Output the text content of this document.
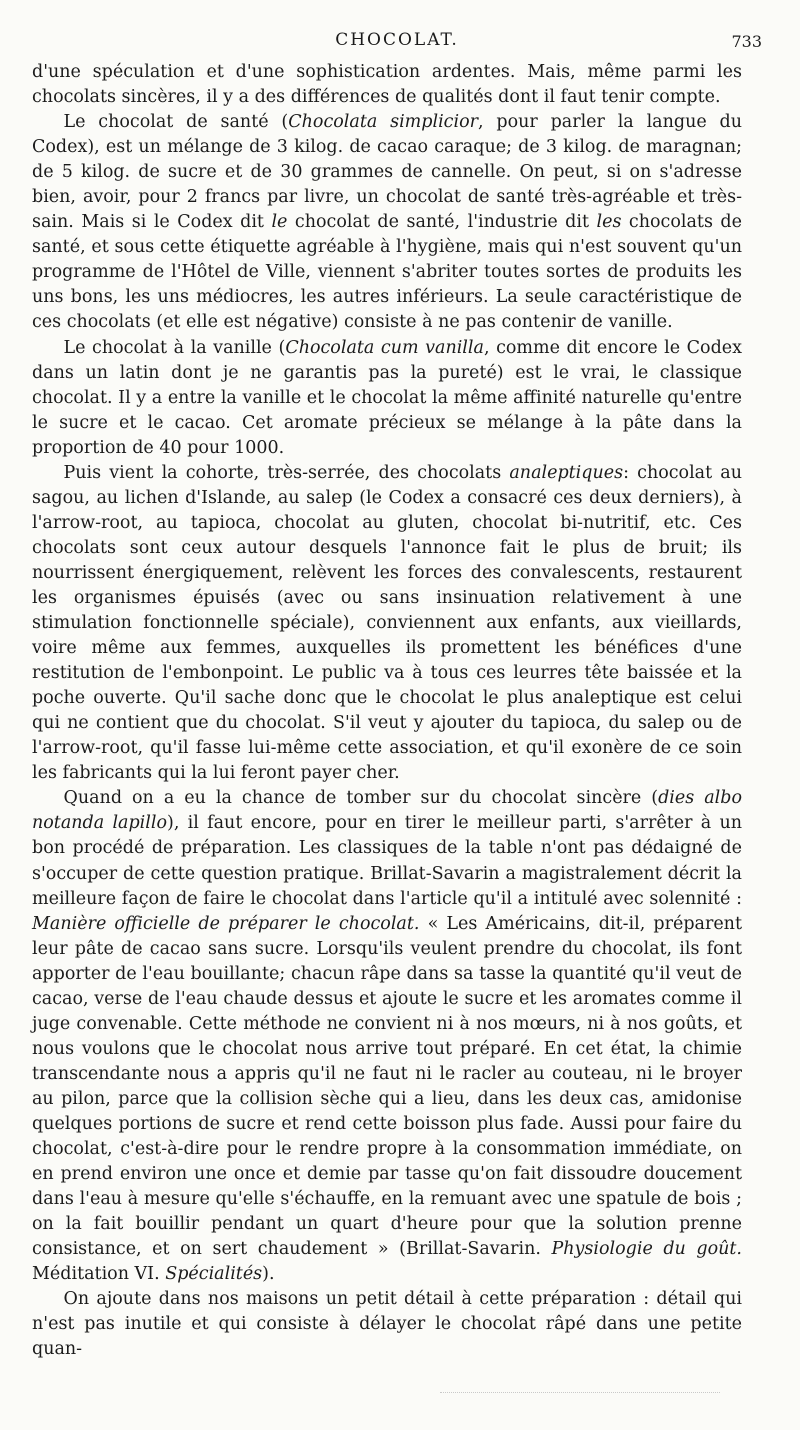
CHOCOLAT.	733

d'une spéculation et d'une sophistication ardentes. Mais, même parmi les chocolats sincères, il y a des différences de qualités dont il faut tenir compte.

Le chocolat de santé (Chocolata simplicior, pour parler la langue du Codex), est un mélange de 3 kilog. de cacao caraque; de 3 kilog. de maragnan; de 5 kilog. de sucre et de 30 grammes de cannelle. On peut, si on s'adresse bien, avoir, pour 2 francs par livre, un chocolat de santé très-agréable et très-sain. Mais si le Codex dit le chocolat de santé, l'industrie dit les chocolats de santé, et sous cette étiquette agréable à l'hygiène, mais qui n'est souvent qu'un programme de l'Hôtel de Ville, viennent s'abriter toutes sortes de produits les uns bons, les uns médiocres, les autres inférieurs. La seule caractéristique de ces chocolats (et elle est négative) consiste à ne pas contenir de vanille.

Le chocolat à la vanille (Chocolata cum vanilla, comme dit encore le Codex dans un latin dont je ne garantis pas la pureté) est le vrai, le classique chocolat. Il y a entre la vanille et le chocolat la même affinité naturelle qu'entre le sucre et le cacao. Cet aromate précieux se mélange à la pâte dans la proportion de 40 pour 1000.

Puis vient la cohorte, très-serrée, des chocolats analeptiques: chocolat au sagou, au lichen d'Islande, au salep (le Codex a consacré ces deux derniers), à l'arrow-root, au tapioca, chocolat au gluten, chocolat bi-nutritif, etc. Ces chocolats sont ceux autour desquels l'annonce fait le plus de bruit; ils nourrissent énergiquement, relèvent les forces des convalescents, restaurent les organismes épuisés (avec ou sans insinuation relativement à une stimulation fonctionnelle spéciale), conviennent aux enfants, aux vieillards, voire même aux femmes, auxquelles ils promettent les bénéfices d'une restitution de l'embonpoint. Le public va à tous ces leurres tête baissée et la poche ouverte. Qu'il sache donc que le chocolat le plus analeptique est celui qui ne contient que du chocolat. S'il veut y ajouter du tapioca, du salep ou de l'arrow-root, qu'il fasse lui-même cette association, et qu'il exonère de ce soin les fabricants qui la lui feront payer cher.

Quand on a eu la chance de tomber sur du chocolat sincère (dies albo notanda lapillo), il faut encore, pour en tirer le meilleur parti, s'arrêter à un bon procédé de préparation. Les classiques de la table n'ont pas dédaigné de s'occuper de cette question pratique. Brillat-Savarin a magistralement décrit la meilleure façon de faire le chocolat dans l'article qu'il a intitulé avec solennité : Manière officielle de préparer le chocolat. « Les Américains, dit-il, préparent leur pâte de cacao sans sucre. Lorsqu'ils veulent prendre du chocolat, ils font apporter de l'eau bouillante; chacun râpe dans sa tasse la quantité qu'il veut de cacao, verse de l'eau chaude dessus et ajoute le sucre et les aromates comme il juge convenable. Cette méthode ne convient ni à nos mœurs, ni à nos goûts, et nous voulons que le chocolat nous arrive tout préparé. En cet état, la chimie transcendante nous a appris qu'il ne faut ni le racler au couteau, ni le broyer au pilon, parce que la collision sèche qui a lieu, dans les deux cas, amidonise quelques portions de sucre et rend cette boisson plus fade. Aussi pour faire du chocolat, c'est-à-dire pour le rendre propre à la consommation immédiate, on en prend environ une once et demie par tasse qu'on fait dissoudre doucement dans l'eau à mesure qu'elle s'échauffe, en la remuant avec une spatule de bois ; on la fait bouillir pendant un quart d'heure pour que la solution prenne consistance, et on sert chaudement » (Brillat-Savarin. Physiologie du goût. Méditation VI. Spécialités).

On ajoute dans nos maisons un petit détail à cette préparation : détail qui n'est pas inutile et qui consiste à délayer le chocolat râpé dans une petite quan-
